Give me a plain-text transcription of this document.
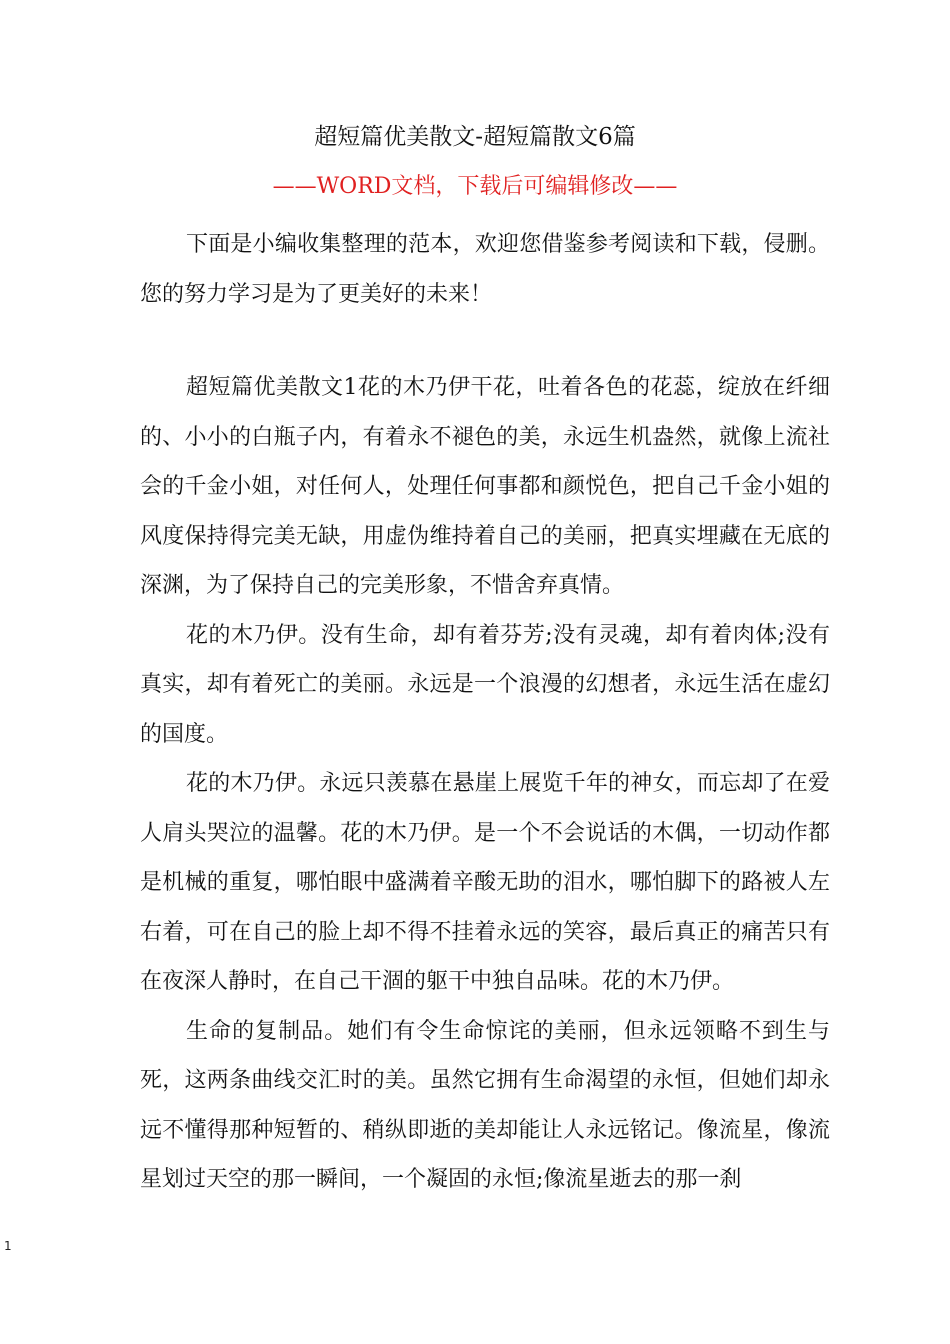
超短篇优美散文-超短篇散文6篇
——WORD文档，下载后可编辑修改——

下面是小编收集整理的范本，欢迎您借鉴参考阅读和下载，侵删。您的努力学习是为了更美好的未来！

超短篇优美散文1花的木乃伊干花，吐着各色的花蕊，绽放在纤细的、小小的白瓶子内，有着永不褪色的美，永远生机盎然，就像上流社会的千金小姐，对任何人，处理任何事都和颜悦色，把自己千金小姐的风度保持得完美无缺，用虚伪维持着自己的美丽，把真实埋藏在无底的深渊，为了保持自己的完美形象，不惜舍弃真情。

花的木乃伊。没有生命，却有着芬芳;没有灵魂，却有着肉体;没有真实，却有着死亡的美丽。永远是一个浪漫的幻想者，永远生活在虚幻的国度。

花的木乃伊。永远只羡慕在悬崖上展览千年的神女，而忘却了在爱人肩头哭泣的温馨。花的木乃伊。是一个不会说话的木偶，一切动作都是机械的重复，哪怕眼中盛满着辛酸无助的泪水，哪怕脚下的路被人左右着，可在自己的脸上却不得不挂着永远的笑容，最后真正的痛苦只有在夜深人静时，在自己干涸的躯干中独自品味。花的木乃伊。

生命的复制品。她们有令生命惊诧的美丽，但永远领略不到生与死，这两条曲线交汇时的美。虽然它拥有生命渴望的永恒，但她们却永远不懂得那种短暂的、稍纵即逝的美却能让人永远铭记。像流星，像流星划过天空的那一瞬间，一个凝固的永恒;像流星逝去的那一刹

1
